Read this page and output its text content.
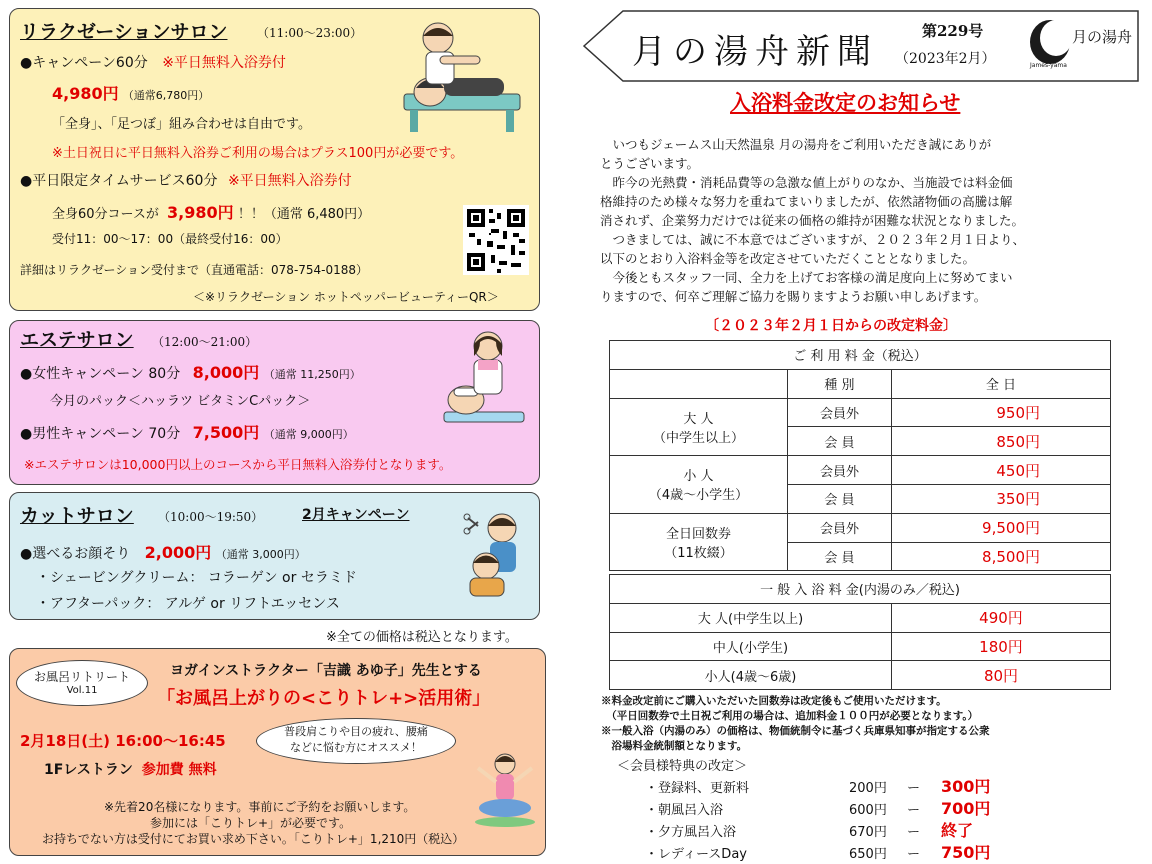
リラクゼーションサロン （11:00〜23:00）
●キャンペーン60分 ※平日無料入浴券付
4,980円 （通常6,780円）
「全身」、「足つぼ」組み合わせは自由です。
※土日祝日に平日無料入浴券ご利用の場合はプラス100円が必要です。
●平日限定タイムサービス60分 ※平日無料入浴券付
全身60分コースが 3,980円 ！！（通常 6,480円）
受付11：00〜17：00（最終受付16：00）
詳細はリラクゼーション受付まで（直通電話：078-754-0188）
＜※リラクゼーション ホットペッパービューティーQR＞
エステサロン （12:00〜21:00）
●女性キャンペーン 80分 8,000円 （通常 11,250円）
今月のパック＜ハッラツ ビタミンCパック＞
●男性キャンペーン 70分 7,500円 （通常 9,000円）
※エステサロンは10,000円以上のコースから平日無料入浴券付となります。
カットサロン （10:00〜19:50）	2月キャンペーン
●選べるお顔そり 2,000円 （通常 3,000円）
・シェービングクリーム： コラーゲン or セラミド
・アフターパック： アルゲ or リフトエッセンス
※全ての価格は税込となります。
お風呂リトリート
Vol.11
ヨガインストラクター「吉識 あゆ子」先生とする
「お風呂上がりの<こりトレ+>活用術」
普段肩こりや目の疲れ、腰痛などに悩む方にオススメ！
2月18日(土) 16:00〜16:45
1Fレストラン 参加費 無料
※先着20名様になります。事前にご予約をお願いします。
参加には「こりトレ+」が必要です。
お持ちでない方は受付にてお買い求め下さい。「こりトレ+」1,210円（税込）
月の湯舟新聞
第229号
（2023年2月）
月の湯舟
James-yama
入浴料金改定のお知らせ
　いつもジェームス山天然温泉 月の湯舟をご利用いただき誠にありが
とうございます。
　昨今の光熱費・消耗品費等の急激な値上がりのなか、当施設では料金価
格維持のため様々な努力を重ねてまいりましたが、依然諸物価の高騰は解
消されず、企業努力だけでは従来の価格の維持が困難な状況となりました。
　つきましては、誠に不本意ではございますが、２０２３年２月１日より、
以下のとおり入浴料金等を改定させていただくこととなりました。
　今後ともスタッフ一同、全力を上げてお客様の満足度向上に努めてまい
りますので、何卒ご理解ご協力を賜りますようお願い申しあげます。
〔２０２３年２月１日からの改定料金〕
ご 利 用 料 金（税込）		
	種 別	全 日

大 人
（中学生以上）	会員外	950円
	会 員	850円

小 人
（4歳〜小学生）	会員外	450円
	会 員	350円

全日回数券
（11枚綴）	会員外	9,500円
	会 員	8,500円
一 般 入 浴 料 金(内湯のみ／税込)	
大 人(中学生以上)	490円
中人(小学生)	180円
小人(4歳〜6歳)	80円
※料金改定前にご購入いただいた回数券は改定後もご使用いただけます。
　（平日回数券で土日祝ご利用の場合は、追加料金１００円が必要となります。）
※一般入浴（内湯のみ）の価格は、物価統制令に基づく兵庫県知事が指定する公衆
　浴場料金統制額となります。
＜会員様特典の改定＞
・登録料、更新料	200円 ー 300円
・朝風呂入浴	600円 ー 700円
・夕方風呂入浴	670円 ー 終了
・レディースDay	650円 ー 750円
